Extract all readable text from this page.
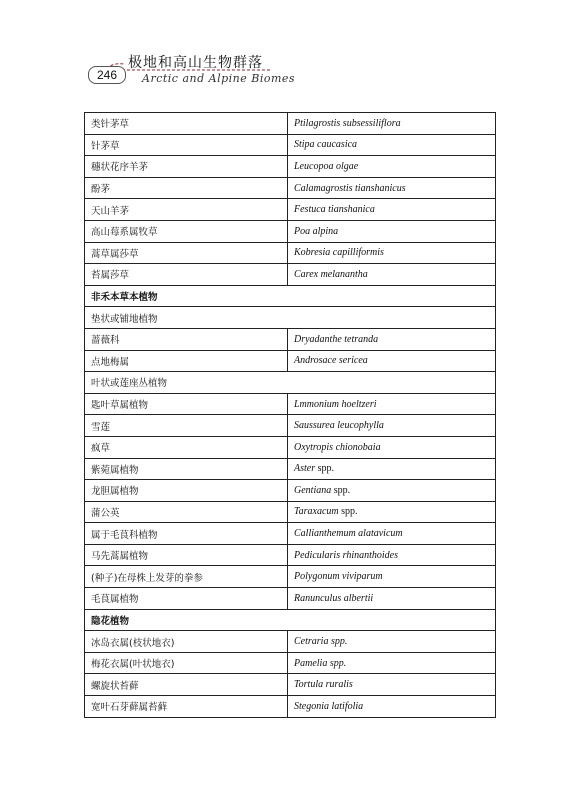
246
极地和高山生物群落
Arctic and Alpine Biomes
类针茅草	Ptilagrostis subsessiliflora
针茅草	Stipa caucasica
穗状花序羊茅	Leucopoa olgae
酚茅	Calamagrostis tianshanicus
天山羊茅	Festuca tianshanica
高山莓系属牧草	Poa alpina
蒿草属莎草	Kobresia capilliformis
苔属莎草	Carex melanantha
非禾本草本植物	
垫状或铺地植物	
蔷薇科	Dryadanthe tetranda
点地梅属	Androsace sericea
叶状或莲座丛植物	
匙叶草属植物	Lmmonium hoeltzeri
雪莲	Saussurea leucophylla
疯草	Oxytropis chionobaia
紫菀属植物	Aster spp.
龙胆属植物	Gentiana spp.
蒲公英	Taraxacum spp.
属于毛茛科植物	Callianthemum alatavicum
马先蒿属植物	Pedicularis rhinanthoides
(种子)在母株上发芽的拳参	Polygonum viviparum
毛茛属植物	Ranunculus albertii
隐花植物	
冰岛衣属(枝状地衣)	Cetraria spp.
梅花衣属(叶状地衣)	Pamelia spp.
螺旋状苔藓	Tortula ruralis
宽叶石芽藓属苔藓	Stegonia latifolia
